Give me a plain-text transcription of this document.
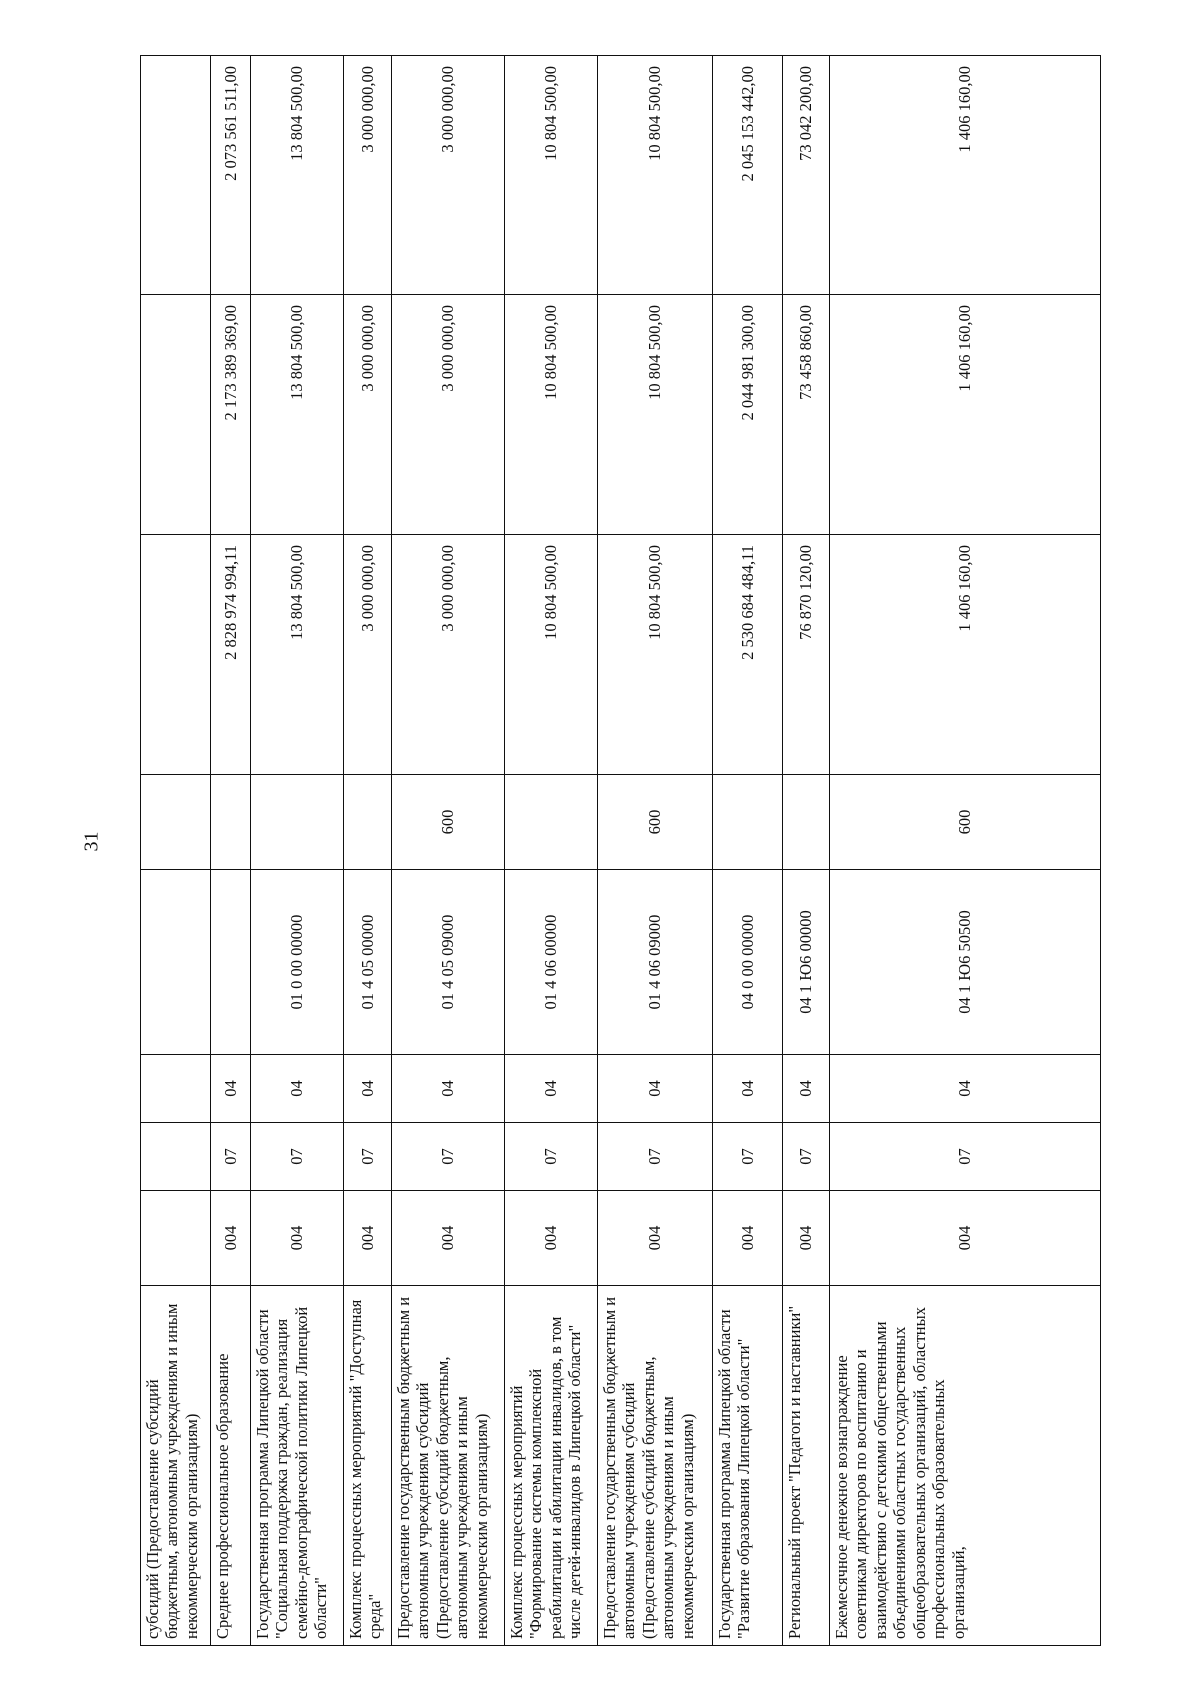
31
субсидий (Предоставление субсидий бюджетным, автономным учреждениям и иным некоммерческим организациям)								
Среднее профессиональное образование	004	07	04			2 828 974 994,11	2 173 389 369,00	2 073 561 511,00
Государственная программа Липецкой области "Социальная поддержка граждан, реализация семейно-демографической политики Липецкой области"	004	07	04	01 0 00 00000		13 804 500,00	13 804 500,00	13 804 500,00
Комплекс процессных мероприятий "Доступная среда"	004	07	04	01 4 05 00000		3 000 000,00	3 000 000,00	3 000 000,00
Предоставление государственным бюджетным и автономным учреждениям субсидий (Предоставление субсидий бюджетным, автономным учреждениям и иным некоммерческим организациям)	004	07	04	01 4 05 09000	600	3 000 000,00	3 000 000,00	3 000 000,00
Комплекс процессных мероприятий "Формирование системы комплексной реабилитации и абилитации инвалидов, в том числе детей-инвалидов в Липецкой области"	004	07	04	01 4 06 00000		10 804 500,00	10 804 500,00	10 804 500,00
Предоставление государственным бюджетным и автономным учреждениям субсидий (Предоставление субсидий бюджетным, автономным учреждениям и иным некоммерческим организациям)	004	07	04	01 4 06 09000	600	10 804 500,00	10 804 500,00	10 804 500,00
Государственная программа Липецкой области "Развитие образования Липецкой области"	004	07	04	04 0 00 00000		2 530 684 484,11	2 044 981 300,00	2 045 153 442,00
Региональный проект "Педагоги и наставники"	004	07	04	04 1 Ю6 00000		76 870 120,00	73 458 860,00	73 042 200,00
Ежемесячное денежное вознаграждение советникам директоров по воспитанию и взаимодействию с детскими общественными объединениями областных государственных общеобразовательных организаций, областных профессиональных образовательных организаций,	004	07	04	04 1 Ю6 50500	600	1 406 160,00	1 406 160,00	1 406 160,00
